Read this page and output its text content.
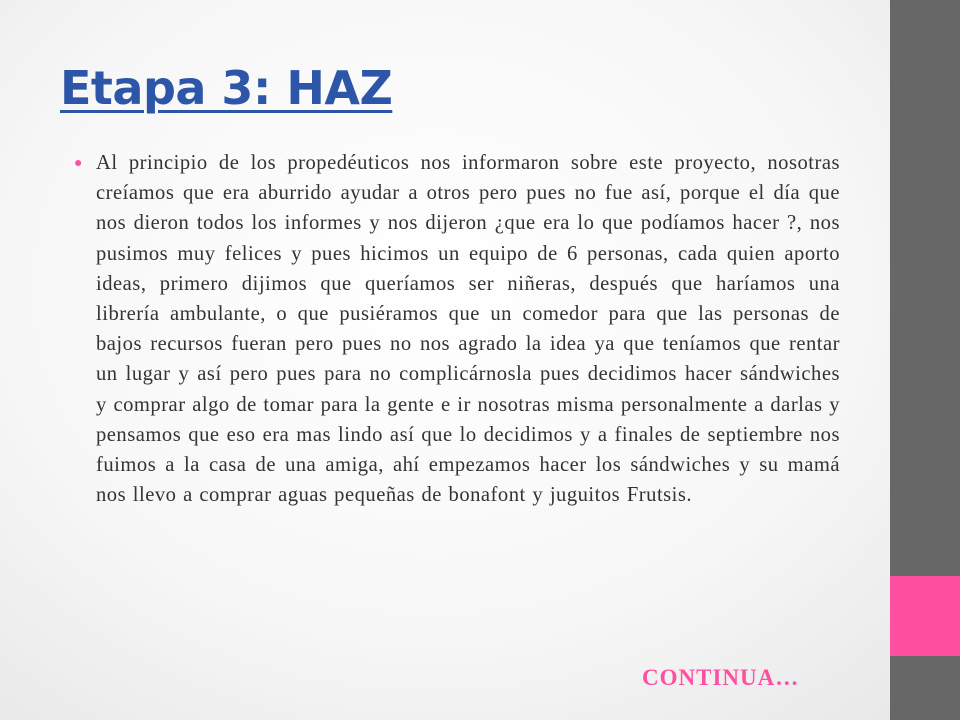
Etapa 3: HAZ
● Al principio de los propedéuticos nos informaron sobre este proyecto, nosotras creíamos que era aburrido ayudar a otros pero pues no fue así, porque el día que nos dieron todos los informes y nos dijeron ¿que era lo que podíamos hacer ?, nos pusimos muy felices y pues hicimos un equipo de 6 personas, cada quien aporto ideas, primero dijimos que queríamos ser niñeras, después que haríamos una librería ambulante, o que pusiéramos que un comedor para que las personas de bajos recursos fueran pero pues no nos agrado la idea ya que teníamos que rentar un lugar y así pero pues para no complicárnosla pues decidimos hacer sándwiches y comprar algo de tomar para la gente e ir nosotras misma personalmente a darlas y pensamos que eso era mas lindo así que lo decidimos y a finales de septiembre nos fuimos a la casa de una amiga, ahí empezamos hacer los sándwiches y su mamá nos llevo a comprar aguas pequeñas de bonafont y juguitos Frutsis.

CONTINUA…
